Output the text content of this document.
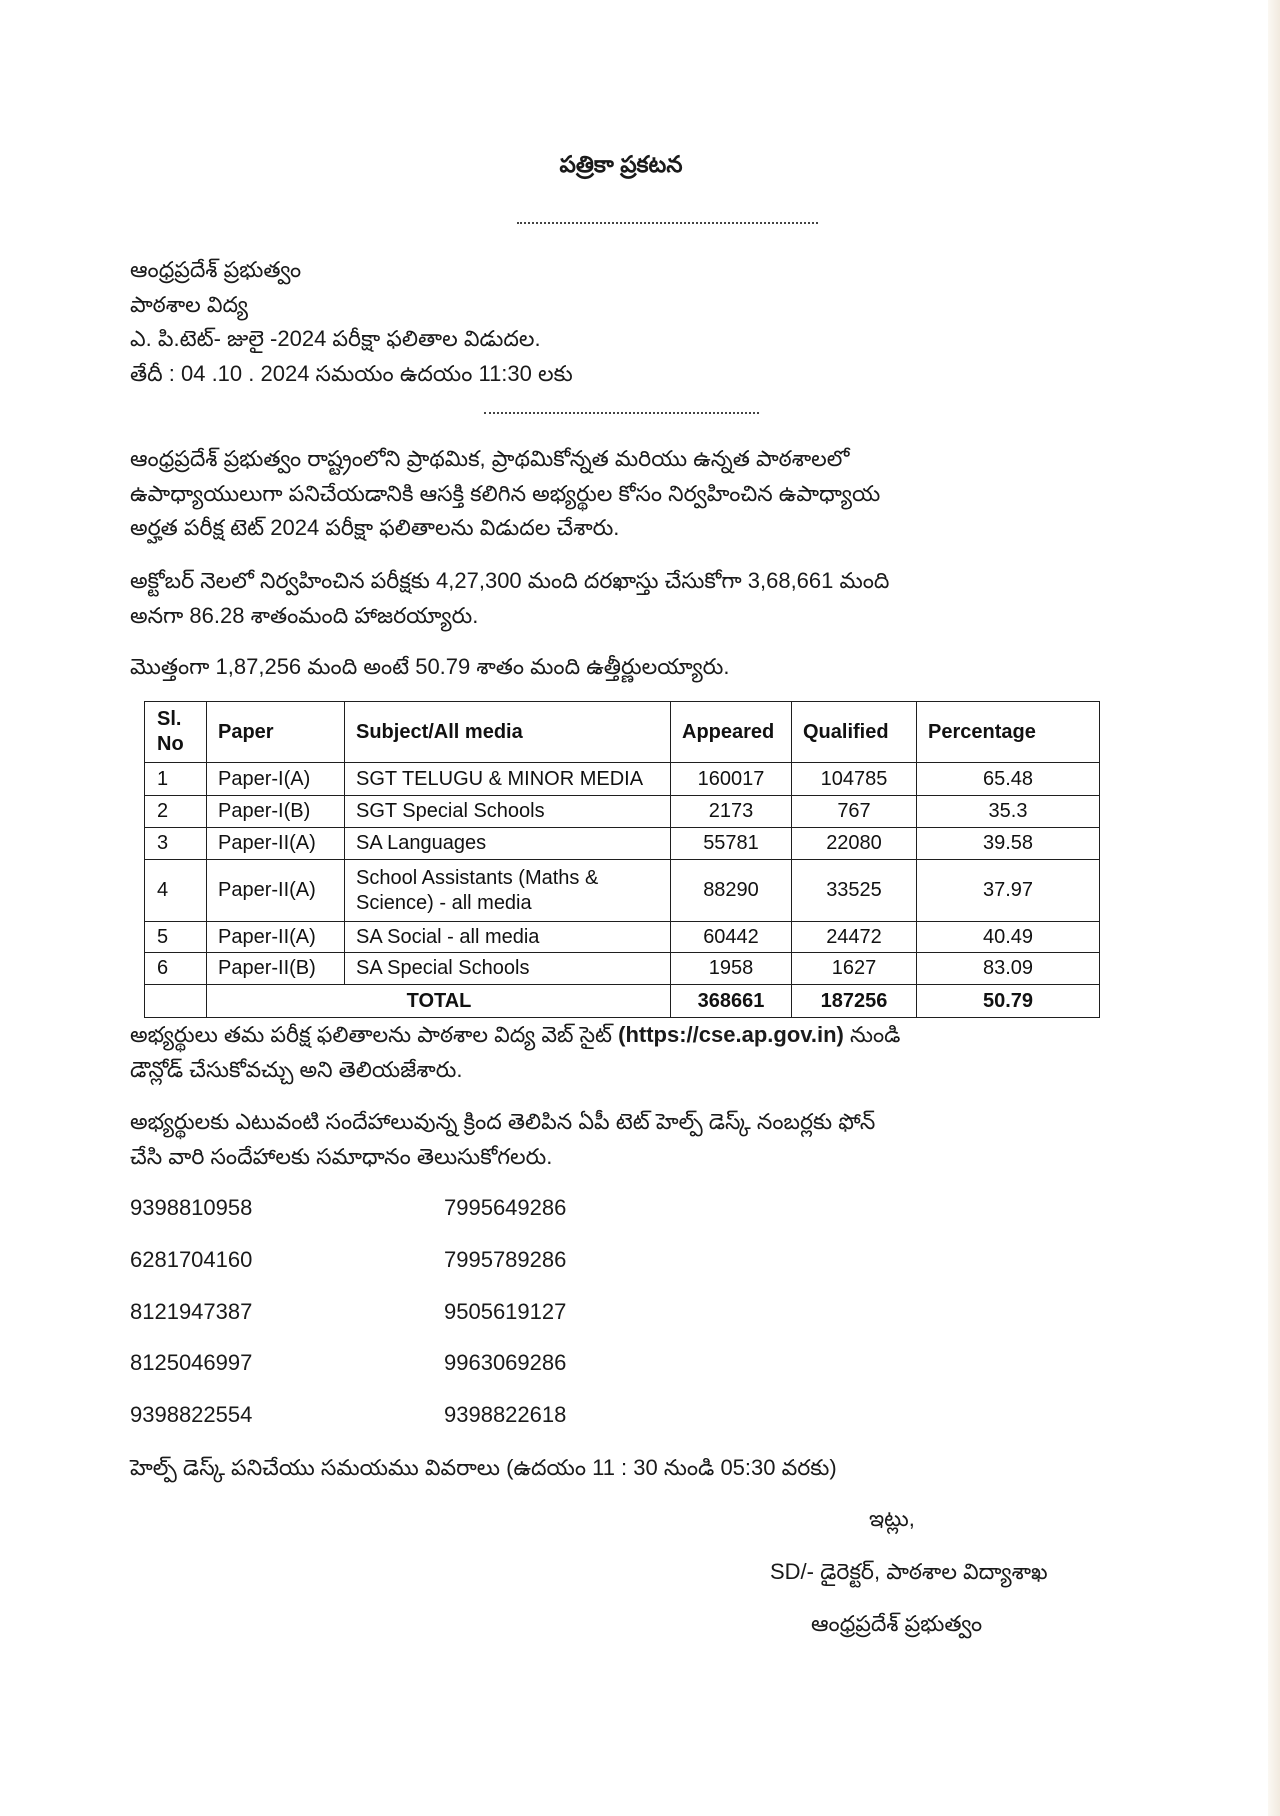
పత్రికా ప్రకటన
ఆంధ్రప్రదేశ్ ప్రభుత్వం
పాఠశాల విద్య
ఎ. పి.టెట్- జులై -2024 పరీక్షా ఫలితాల విడుదల.
తేదీ : 04 .10 . 2024 సమయం ఉదయం 11:30 లకు
ఆంధ్రప్రదేశ్ ప్రభుత్వం రాష్ట్రంలోని ప్రాథమిక, ప్రాథమికోన్నత మరియు ఉన్నత పాఠశాలలో
ఉపాధ్యాయులుగా పనిచేయడానికి ఆసక్తి కలిగిన అభ్యర్థుల కోసం నిర్వహించిన ఉపాధ్యాయ
అర్హత పరీక్ష టెట్ 2024 పరీక్షా ఫలితాలను విడుదల చేశారు.
అక్టోబర్ నెలలో నిర్వహించిన పరీక్షకు 4,27,300 మంది దరఖాస్తు చేసుకోగా 3,68,661 మంది
అనగా 86.28 శాతంమంది హాజరయ్యారు.
మొత్తంగా 1,87,256 మంది అంటే 50.79 శాతం మంది ఉత్తీర్ణులయ్యారు.
Sl. No	Paper	Subject/All media	Appeared	Qualified	Percentage
1	Paper-I(A)	SGT TELUGU & MINOR MEDIA	160017	104785	65.48
2	Paper-I(B)	SGT Special Schools	2173	767	35.3
3	Paper-II(A)	SA Languages	55781	22080	39.58
4	Paper-II(A)	School Assistants (Maths & Science) - all media	88290	33525	37.97
5	Paper-II(A)	SA Social - all media	60442	24472	40.49
6	Paper-II(B)	SA Special Schools	1958	1627	83.09
	TOTAL		368661	187256	50.79
అభ్యర్థులు తమ పరీక్ష ఫలితాలను పాఠశాల విద్య వెబ్ సైట్ (https://cse.ap.gov.in) నుండి
డౌన్లోడ్ చేసుకోవచ్చు అని తెలియజేశారు.
అభ్యర్థులకు ఎటువంటి సందేహాలువున్న క్రింద తెలిపిన ఏపీ టెట్ హెల్ప్ డెస్క్ నంబర్లకు ఫోన్
చేసి వారి సందేహాలకు సమాధానం తెలుసుకోగలరు.
9398810958	7995649286
6281704160	7995789286
8121947387	9505619127
8125046997	9963069286
9398822554	9398822618
హెల్ప్ డెస్క్ పనిచేయు సమయము వివరాలు (ఉదయం 11 : 30 నుండి 05:30 వరకు)
ఇట్లు,
SD/- డైరెక్టర్, పాఠశాల విద్యాశాఖ
ఆంధ్రప్రదేశ్ ప్రభుత్వం
